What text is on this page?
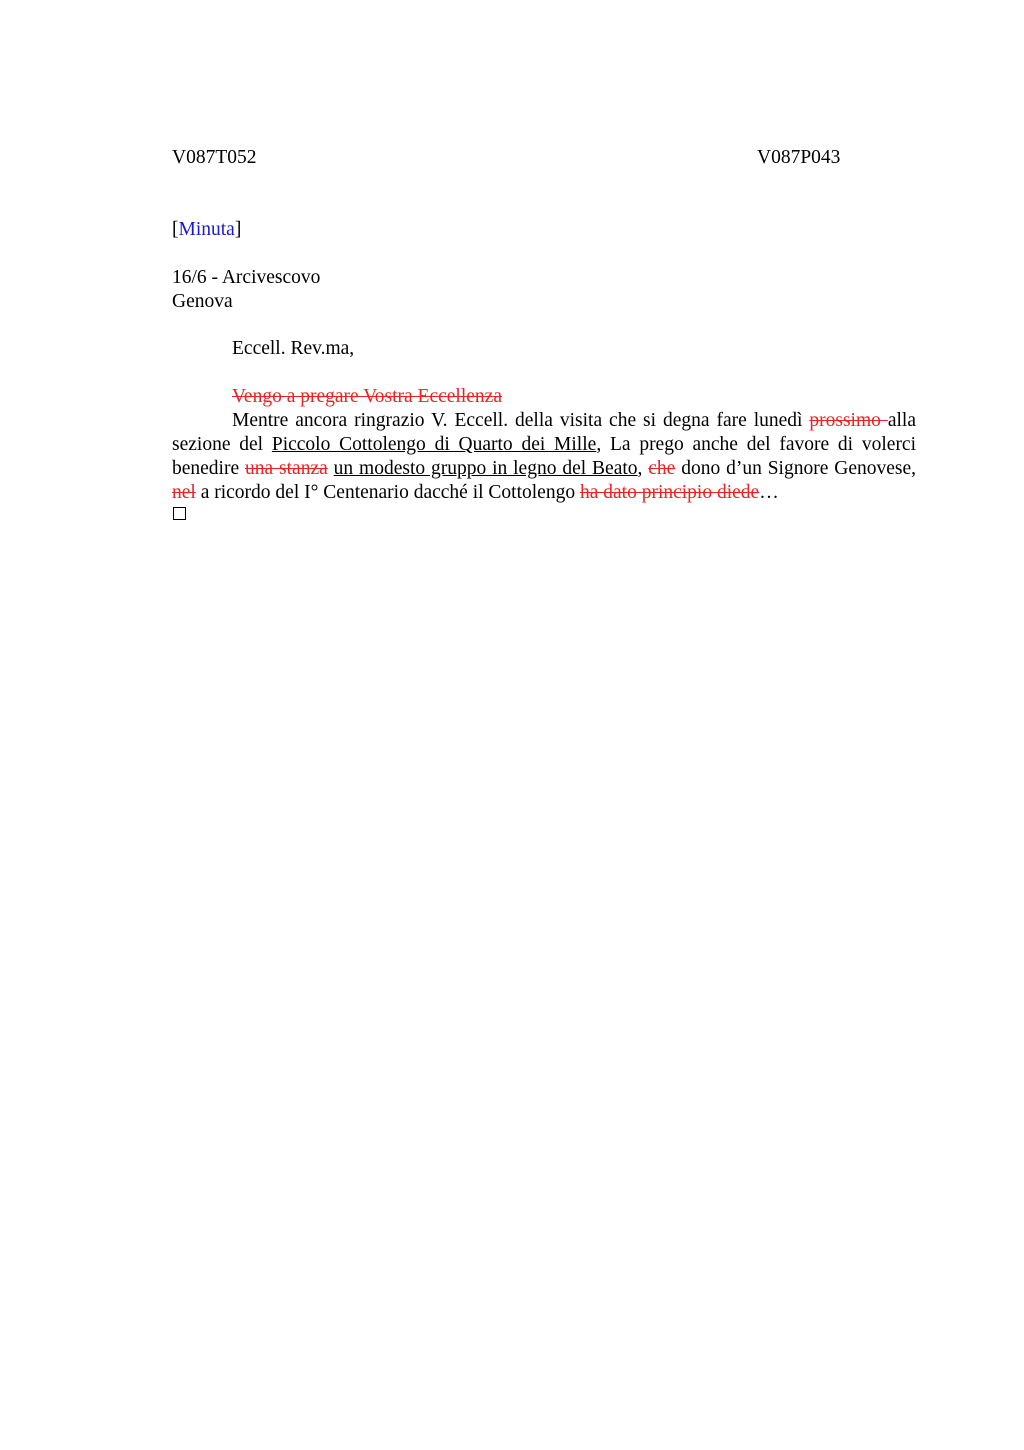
V087T052	V087P043
[Minuta]
16/6 - Arcivescovo
Genova
Eccell. Rev.ma,
Vengo a pregare Vostra Eccellenza
Mentre ancora ringrazio V. Eccell. della visita che si degna fare lunedì prossimo alla sezione del Piccolo Cottolengo di Quarto dei Mille, La prego anche del favore di volerci benedire una stanza un modesto gruppo in legno del Beato, che dono d’un Signore Genovese, nel a ricordo del I° Centenario dacché il Cottolengo ha dato principio diede…
